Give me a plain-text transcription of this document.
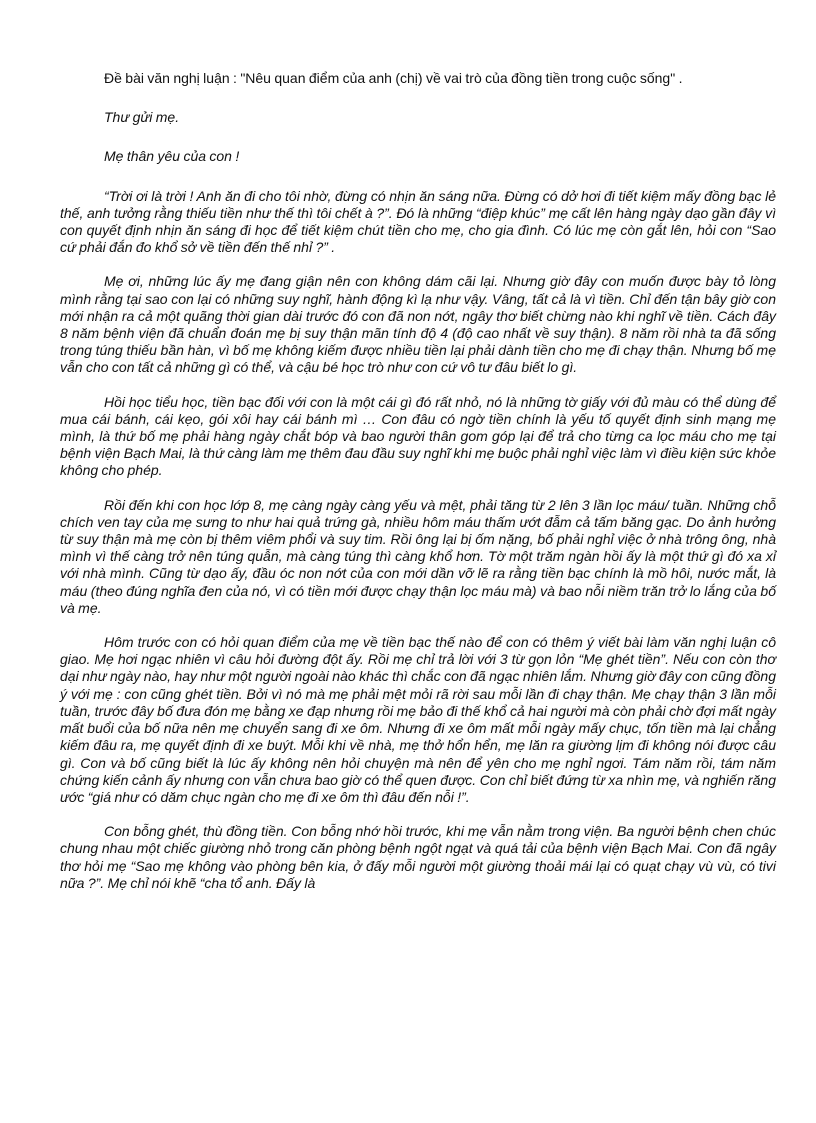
Đề bài văn nghị luận : "Nêu quan điểm của anh (chị) về vai trò của đồng tiền trong cuộc sống" .

Thư gửi mẹ.

Mẹ thân yêu của con !

“Trời ơi là trời ! Anh ăn đi cho tôi nhờ, đừng có nhịn ăn sáng nữa. Đừng có dở hơi đi tiết kiệm mấy đồng bạc lẻ thế, anh tưởng rằng thiếu tiền như thế thì tôi chết à ?”. Đó là những “điệp khúc” mẹ cất lên hàng ngày dạo gần đây vì con quyết định nhịn ăn sáng đi học để tiết kiệm chút tiền cho mẹ, cho gia đình. Có lúc mẹ còn gắt lên, hỏi con “Sao cứ phải đắn đo khổ sở về tiền đến thế nhỉ ?” .

Mẹ ơi, những lúc ấy mẹ đang giận nên con không dám cãi lại. Nhưng giờ đây con muốn được bày tỏ lòng mình rằng tại sao con lại có những suy nghĩ, hành động kì lạ như vậy. Vâng, tất cả là vì tiền. Chỉ đến tận bây giờ con mới nhận ra cả một quãng thời gian dài trước đó con đã non nớt, ngây thơ biết chừng nào khi nghĩ về tiền. Cách đây 8 năm bệnh viện đã chuẩn đoán mẹ bị suy thận mãn tính độ 4 (độ cao nhất về suy thận). 8 năm rồi nhà ta đã sống trong túng thiếu bần hàn, vì bố mẹ không kiếm được nhiều tiền lại phải dành tiền cho mẹ đi chạy thận. Nhưng bố mẹ vẫn cho con tất cả những gì có thể, và cậu bé học trò như con cứ vô tư đâu biết lo gì.

Hồi học tiểu học, tiền bạc đối với con là một cái gì đó rất nhỏ, nó là những tờ giấy với đủ màu có thể dùng để mua cái bánh, cái kẹo, gói xôi hay cái bánh mì … Con đâu có ngờ tiền chính là yếu tố quyết định sinh mạng mẹ mình, là thứ bố mẹ phải hàng ngày chắt bóp và bao người thân gom góp lại để trả cho từng ca lọc máu cho mẹ tại bệnh viện Bạch Mai, là thứ càng làm mẹ thêm đau đầu suy nghĩ khi mẹ buộc phải nghỉ việc làm vì điều kiện sức khỏe không cho phép.

Rồi đến khi con học lớp 8, mẹ càng ngày càng yếu và mệt, phải tăng từ 2 lên 3 lần lọc máu/ tuần. Những chỗ chích ven tay của mẹ sưng to như hai quả trứng gà, nhiều hôm máu thấm ướt đẫm cả tấm băng gạc. Do ảnh hưởng từ suy thận mà mẹ còn bị thêm viêm phổi và suy tim. Rồi ông lại bị ốm nặng, bố phải nghỉ việc ở nhà trông ông, nhà mình vì thế càng trở nên túng quẫn, mà càng túng thì càng khổ hơn. Tờ một trăm ngàn hồi ấy là một thứ gì đó xa xỉ với nhà mình. Cũng từ dạo ấy, đầu óc non nớt của con mới dần vỡ lẽ ra rằng tiền bạc chính là mồ hôi, nước mắt, là máu (theo đúng nghĩa đen của nó, vì có tiền mới được chạy thận lọc máu mà) và bao nỗi niềm trăn trở lo lắng của bố và mẹ.

Hôm trước con có hỏi quan điểm của mẹ về tiền bạc thế nào để con có thêm ý viết bài làm văn nghị luận cô giao. Mẹ hơi ngạc nhiên vì câu hỏi đường đột ấy. Rồi mẹ chỉ trả lời với 3 từ gọn lỏn “Mẹ ghét tiền”. Nếu con còn thơ dại như ngày nào, hay như một người ngoài nào khác thì chắc con đã ngạc nhiên lắm. Nhưng giờ đây con cũng đồng ý với mẹ : con cũng ghét tiền. Bởi vì nó mà mẹ phải mệt mỏi rã rời sau mỗi lần đi chạy thận. Mẹ chạy thận 3 lần mỗi tuần, trước đây bố đưa đón mẹ bằng xe đạp nhưng rồi mẹ bảo đi thế khổ cả hai người mà còn phải chờ đợi mất ngày mất buổi của bố nữa nên mẹ chuyển sang đi xe ôm. Nhưng đi xe ôm mất mỗi ngày mấy chục, tốn tiền mà lại chẳng kiếm đâu ra, mẹ quyết định đi xe buýt. Mỗi khi về nhà, mẹ thở hổn hển, mẹ lăn ra giường lịm đi không nói được câu gì. Con và bố cũng biết là lúc ấy không nên hỏi chuyện mà nên để yên cho mẹ nghỉ ngơi. Tám năm rồi, tám năm chứng kiến cảnh ấy nhưng con vẫn chưa bao giờ có thể quen được. Con chỉ biết đứng từ xa nhìn mẹ, và nghiến răng ước “giá như có dăm chục ngàn cho mẹ đi xe ôm thì đâu đến nỗi !”.

Con bỗng ghét, thù đồng tiền. Con bỗng nhớ hồi trước, khi mẹ vẫn nằm trong viện. Ba người bệnh chen chúc chung nhau một chiếc giường nhỏ trong căn phòng bệnh ngột ngạt và quá tải của bệnh viện Bạch Mai. Con đã ngây thơ hỏi mẹ “Sao mẹ không vào phòng bên kia, ở đấy mỗi người một giường thoải mái lại có quạt chạy vù vù, có tivi nữa ?”. Mẹ chỉ nói khẽ “cha tổ anh. Đấy là
